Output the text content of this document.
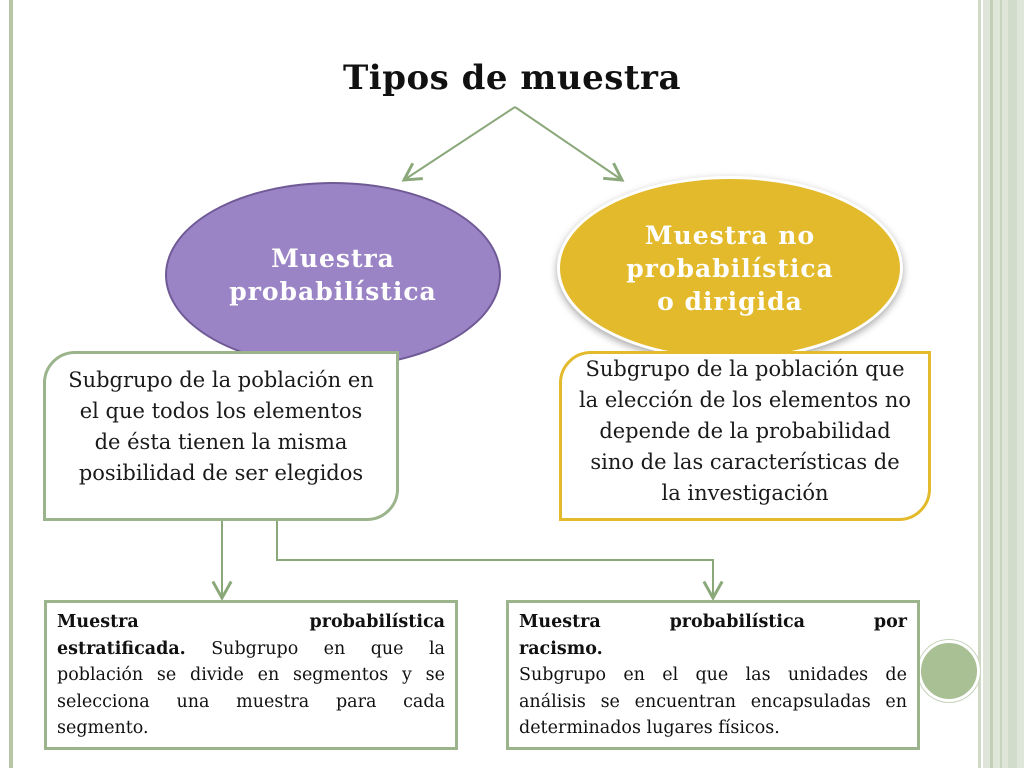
Tipos de muestra
Muestra
probabilística
Muestra no
probabilística
o dirigida
Subgrupo de la población en el que todos los elementos de ésta tienen la misma posibilidad de ser elegidos
Subgrupo de la población que la elección de los elementos no depende de la probabilidad sino de las características de la investigación
Muestra	probabilística
estratificada. Subgrupo en que la población se divide en segmentos y se selecciona una muestra para cada segmento.
Muestra	probabilística	por
racismo.
Subgrupo en el que las unidades de análisis se encuentran encapsuladas en determinados lugares físicos.
